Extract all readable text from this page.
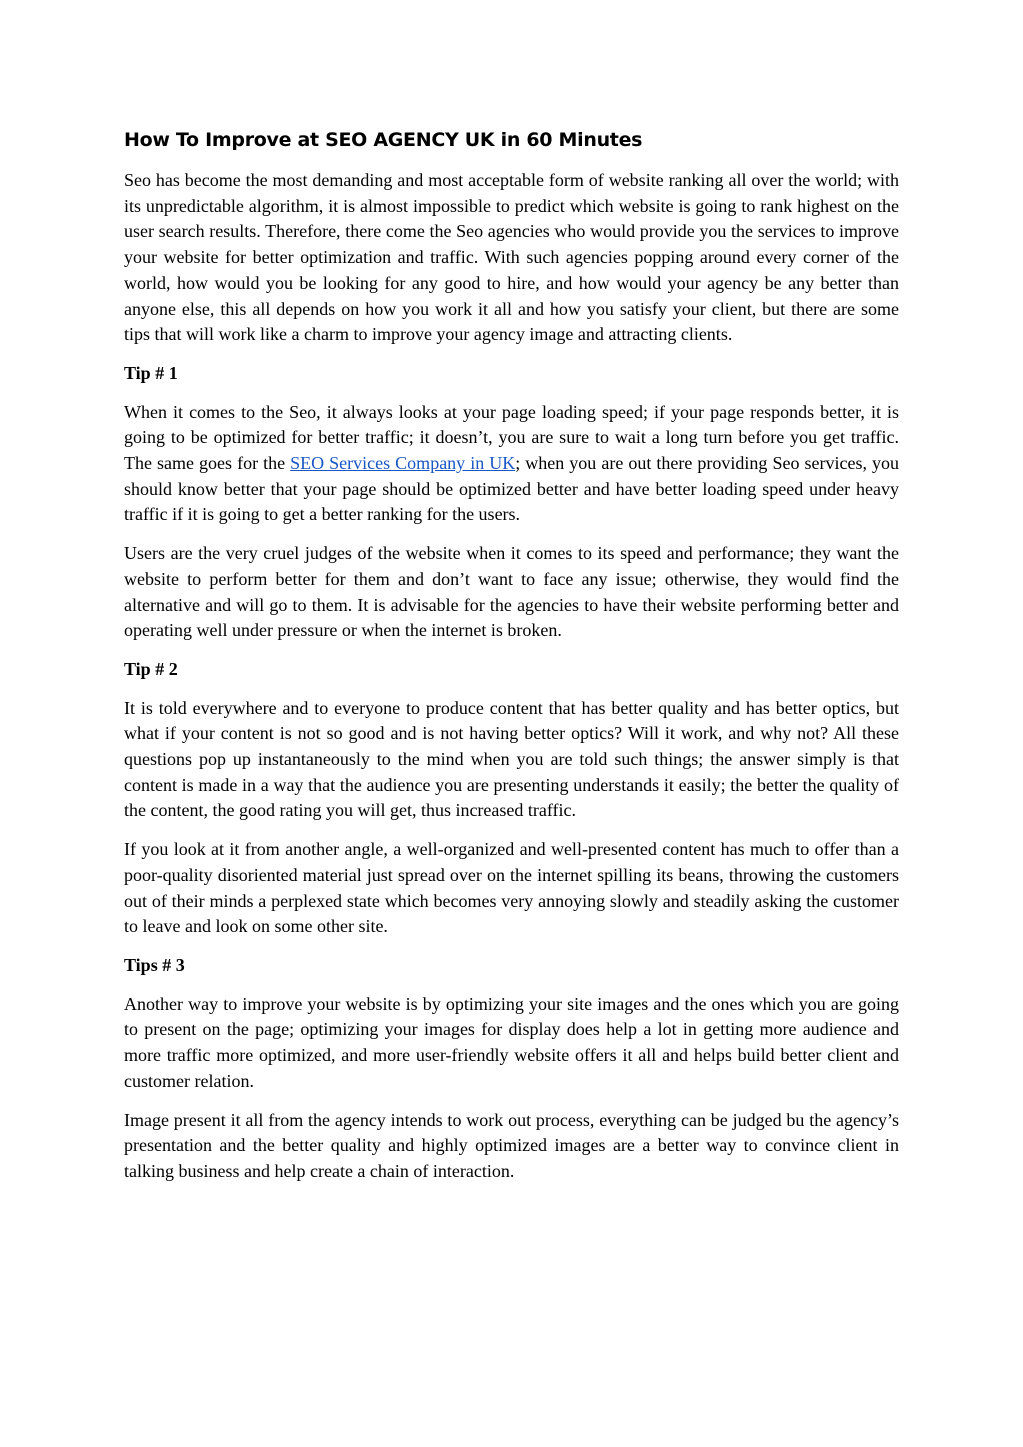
How To Improve at SEO AGENCY UK in 60 Minutes

Seo has become the most demanding and most acceptable form of website ranking all over the world; with its unpredictable algorithm, it is almost impossible to predict which website is going to rank highest on the user search results. Therefore, there come the Seo agencies who would provide you the services to improve your website for better optimization and traffic. With such agencies popping around every corner of the world, how would you be looking for any good to hire, and how would your agency be any better than anyone else, this all depends on how you work it all and how you satisfy your client, but there are some tips that will work like a charm to improve your agency image and attracting clients.

Tip # 1

When it comes to the Seo, it always looks at your page loading speed; if your page responds better, it is going to be optimized for better traffic; it doesn’t, you are sure to wait a long turn before you get traffic. The same goes for the SEO Services Company in UK; when you are out there providing Seo services, you should know better that your page should be optimized better and have better loading speed under heavy traffic if it is going to get a better ranking for the users.

Users are the very cruel judges of the website when it comes to its speed and performance; they want the website to perform better for them and don’t want to face any issue; otherwise, they would find the alternative and will go to them. It is advisable for the agencies to have their website performing better and operating well under pressure or when the internet is broken.

Tip # 2

It is told everywhere and to everyone to produce content that has better quality and has better optics, but what if your content is not so good and is not having better optics? Will it work, and why not? All these questions pop up instantaneously to the mind when you are told such things; the answer simply is that content is made in a way that the audience you are presenting understands it easily; the better the quality of the content, the good rating you will get, thus increased traffic.

If you look at it from another angle, a well-organized and well-presented content has much to offer than a poor-quality disoriented material just spread over on the internet spilling its beans, throwing the customers out of their minds a perplexed state which becomes very annoying slowly and steadily asking the customer to leave and look on some other site.

Tips # 3

Another way to improve your website is by optimizing your site images and the ones which you are going to present on the page; optimizing your images for display does help a lot in getting more audience and more traffic more optimized, and more user-friendly website offers it all and helps build better client and customer relation.

Image present it all from the agency intends to work out process, everything can be judged bu the agency’s presentation and the better quality and highly optimized images are a better way to convince client in talking business and help create a chain of interaction.
